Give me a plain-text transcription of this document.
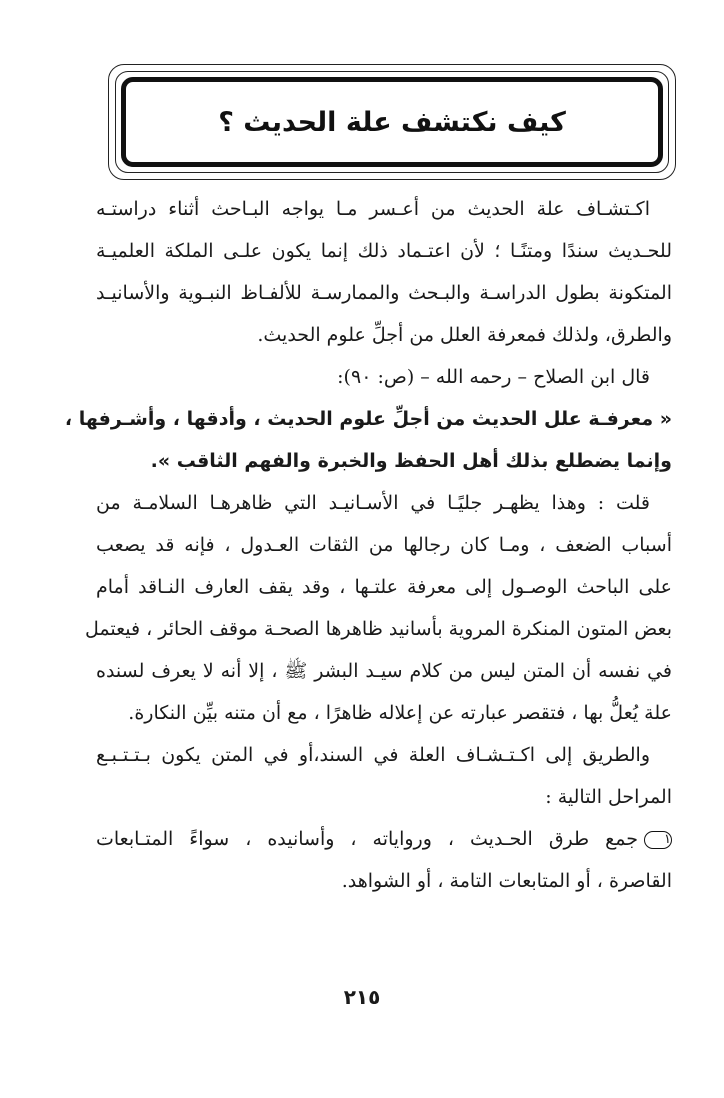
كيف نكتشف علة الحديث ؟
اكـتشـاف علة الحديث من أعـسر مـا يواجه البـاحث أثناء دراستـه
للحـديث سندًا ومتنًـا ؛ لأن اعتـماد ذلك إنما يكون علـى الملكة العلميـة
المتكونة بطول الدراسـة والبـحث والممارسـة للألفـاظ النبـوية والأسانيـد
والطرق، ولذلك فمعرفة العلل من أجلِّ علوم الحديث.
قال ابن الصلاح – رحمه الله – (ص: ٩٠):
« معرفـة علل الحديث من أجلِّ علوم الحديث ، وأدقها ، وأشـرفها ،
وإنما يضطلع بذلك أهل الحفظ والخبرة والفهم الثاقب ».
قلت : وهذا يظهـر جليًـا في الأسـانيـد التي ظاهرهـا السلامـة من
أسباب الضعف ، ومـا كان رجالها من الثقات العـدول ، فإنه قد يصعب
على الباحث الوصـول إلى معرفة علتـها ، وقد يقف العارف النـاقد أمام
بعض المتون المنكرة المروية بأسانيد ظاهرها الصحـة موقف الحائر ، فيعتمل
في نفسه أن المتن ليس من كلام سيـد البشر ﷺ ، إلا أنه لا يعرف لسنده
علة يُعلُّ بها ، فتقصر عبارته عن إعلاله ظاهرًا ، مع أن متنه بيِّن النكارة.
والطريق إلى اكـتـشـاف العلة في السند،أو في المتن يكون بـتـتـبـع
المراحل التالية :
١جمع طرق الحـديث ، ورواياته ، وأسانيده ، سواءً المتـابعات
القاصرة ، أو المتابعات التامة ، أو الشواهد.
٢١٥
